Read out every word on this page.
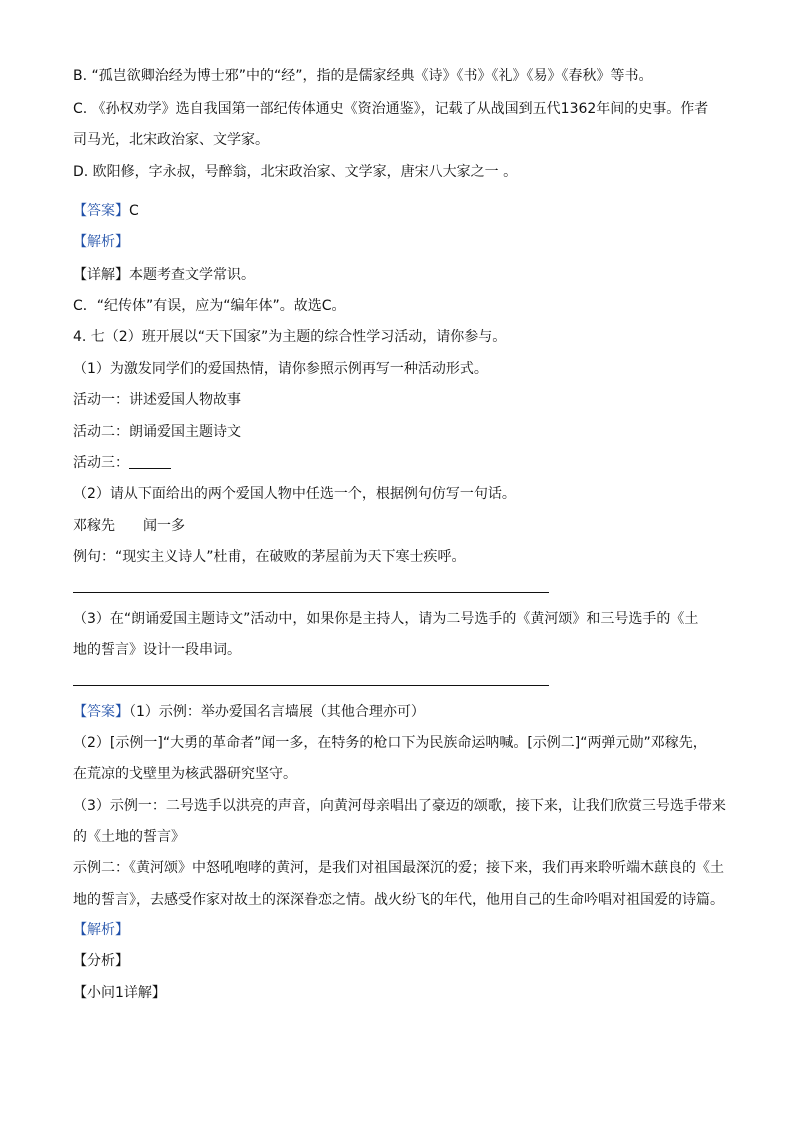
B. “孤岂欲卿治经为博士邪”中的“经”，指的是儒家经典《诗》《书》《礼》《易》《春秋》等书。
C. 《孙权劝学》选自我国第一部纪传体通史《资治通鉴》，记载了从战国到五代1362年间的史事。作者
司马光，北宋政治家、文学家。
D. 欧阳修，字永叔，号醉翁，北宋政治家、文学家，唐宋八大家之一 。
【答案】C
【解析】
【详解】本题考查文学常识。
C．“纪传体”有误，应为“编年体”。故选C。
4. 七（2）班开展以“天下国家”为主题的综合性学习活动，请你参与。
（1）为激发同学们的爱国热情，请你参照示例再写一种活动形式。
活动一：讲述爱国人物故事
活动二：朗诵爱国主题诗文
活动三：
（2）请从下面给出的两个爱国人物中任选一个，根据例句仿写一句话。
邓稼先　　闻一多
例句：“现实主义诗人”杜甫，在破败的茅屋前为天下寒士疾呼。
（3）在“朗诵爱国主题诗文”活动中，如果你是主持人，请为二号选手的《黄河颂》和三号选手的《土
地的誓言》设计一段串词。
【答案】（1）示例：举办爱国名言墙展（其他合理亦可）
（2）[示例一]“大勇的革命者”闻一多，在特务的枪口下为民族命运呐喊。[示例二]“两弹元勋”邓稼先，
在荒凉的戈壁里为核武器研究坚守。
（3）示例一：二号选手以洪亮的声音，向黄河母亲唱出了豪迈的颂歌，接下来，让我们欣赏三号选手带来
的《土地的誓言》
示例二：《黄河颂》中怒吼咆哮的黄河，是我们对祖国最深沉的爱；接下来，我们再来聆听端木蕻良的《土
地的誓言》，去感受作家对故土的深深眷恋之情。战火纷飞的年代，他用自己的生命吟唱对祖国爱的诗篇。
【解析】
【分析】
【小问1详解】
